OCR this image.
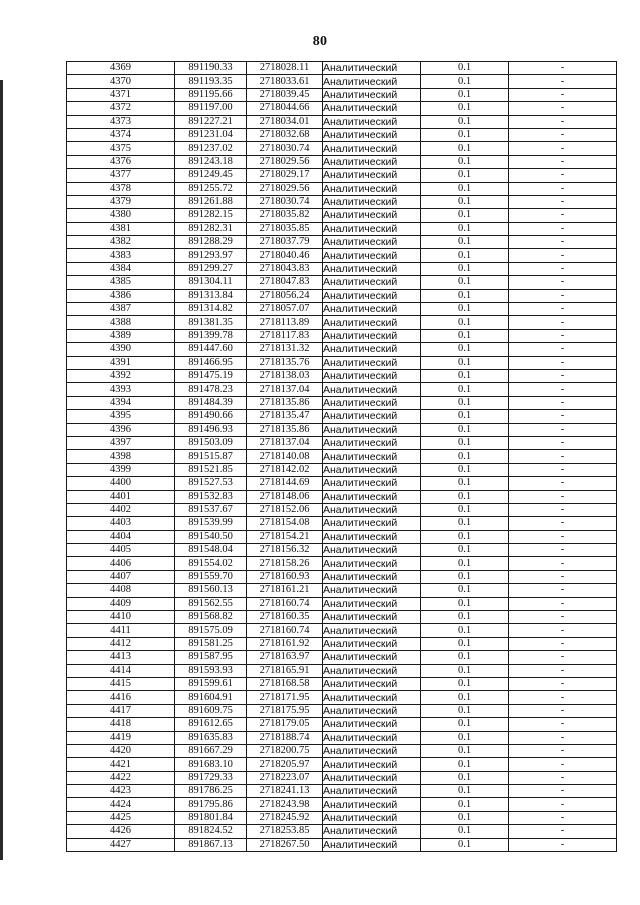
80
4369	891190.33	2718028.11	Аналитический	0.1	-
4370	891193.35	2718033.61	Аналитический	0.1	-
4371	891195.66	2718039.45	Аналитический	0.1	-
4372	891197.00	2718044.66	Аналитический	0.1	-
4373	891227.21	2718034.01	Аналитический	0.1	-
4374	891231.04	2718032.68	Аналитический	0.1	-
4375	891237.02	2718030.74	Аналитический	0.1	-
4376	891243.18	2718029.56	Аналитический	0.1	-
4377	891249.45	2718029.17	Аналитический	0.1	-
4378	891255.72	2718029.56	Аналитический	0.1	-
4379	891261.88	2718030.74	Аналитический	0.1	-
4380	891282.15	2718035.82	Аналитический	0.1	-
4381	891282.31	2718035.85	Аналитический	0.1	-
4382	891288.29	2718037.79	Аналитический	0.1	-
4383	891293.97	2718040.46	Аналитический	0.1	-
4384	891299.27	2718043.83	Аналитический	0.1	-
4385	891304.11	2718047.83	Аналитический	0.1	-
4386	891313.84	2718056.24	Аналитический	0.1	-
4387	891314.82	2718057.07	Аналитический	0.1	-
4388	891381.35	2718113.89	Аналитический	0.1	-
4389	891399.78	2718117.83	Аналитический	0.1	-
4390	891447.60	2718131.32	Аналитический	0.1	-
4391	891466.95	2718135.76	Аналитический	0.1	-
4392	891475.19	2718138.03	Аналитический	0.1	-
4393	891478.23	2718137.04	Аналитический	0.1	-
4394	891484.39	2718135.86	Аналитический	0.1	-
4395	891490.66	2718135.47	Аналитический	0.1	-
4396	891496.93	2718135.86	Аналитический	0.1	-
4397	891503.09	2718137.04	Аналитический	0.1	-
4398	891515.87	2718140.08	Аналитический	0.1	-
4399	891521.85	2718142.02	Аналитический	0.1	-
4400	891527.53	2718144.69	Аналитический	0.1	-
4401	891532.83	2718148.06	Аналитический	0.1	-
4402	891537.67	2718152.06	Аналитический	0.1	-
4403	891539.99	2718154.08	Аналитический	0.1	-
4404	891540.50	2718154.21	Аналитический	0.1	-
4405	891548.04	2718156.32	Аналитический	0.1	-
4406	891554.02	2718158.26	Аналитический	0.1	-
4407	891559.70	2718160.93	Аналитический	0.1	-
4408	891560.13	2718161.21	Аналитический	0.1	-
4409	891562.55	2718160.74	Аналитический	0.1	-
4410	891568.82	2718160.35	Аналитический	0.1	-
4411	891575.09	2718160.74	Аналитический	0.1	-
4412	891581.25	2718161.92	Аналитический	0.1	-
4413	891587.95	2718163.97	Аналитический	0.1	-
4414	891593.93	2718165.91	Аналитический	0.1	-
4415	891599.61	2718168.58	Аналитический	0.1	-
4416	891604.91	2718171.95	Аналитический	0.1	-
4417	891609.75	2718175.95	Аналитический	0.1	-
4418	891612.65	2718179.05	Аналитический	0.1	-
4419	891635.83	2718188.74	Аналитический	0.1	-
4420	891667.29	2718200.75	Аналитический	0.1	-
4421	891683.10	2718205.97	Аналитический	0.1	-
4422	891729.33	2718223.07	Аналитический	0.1	-
4423	891786.25	2718241.13	Аналитический	0.1	-
4424	891795.86	2718243.98	Аналитический	0.1	-
4425	891801.84	2718245.92	Аналитический	0.1	-
4426	891824.52	2718253.85	Аналитический	0.1	-
4427	891867.13	2718267.50	Аналитический	0.1	-
